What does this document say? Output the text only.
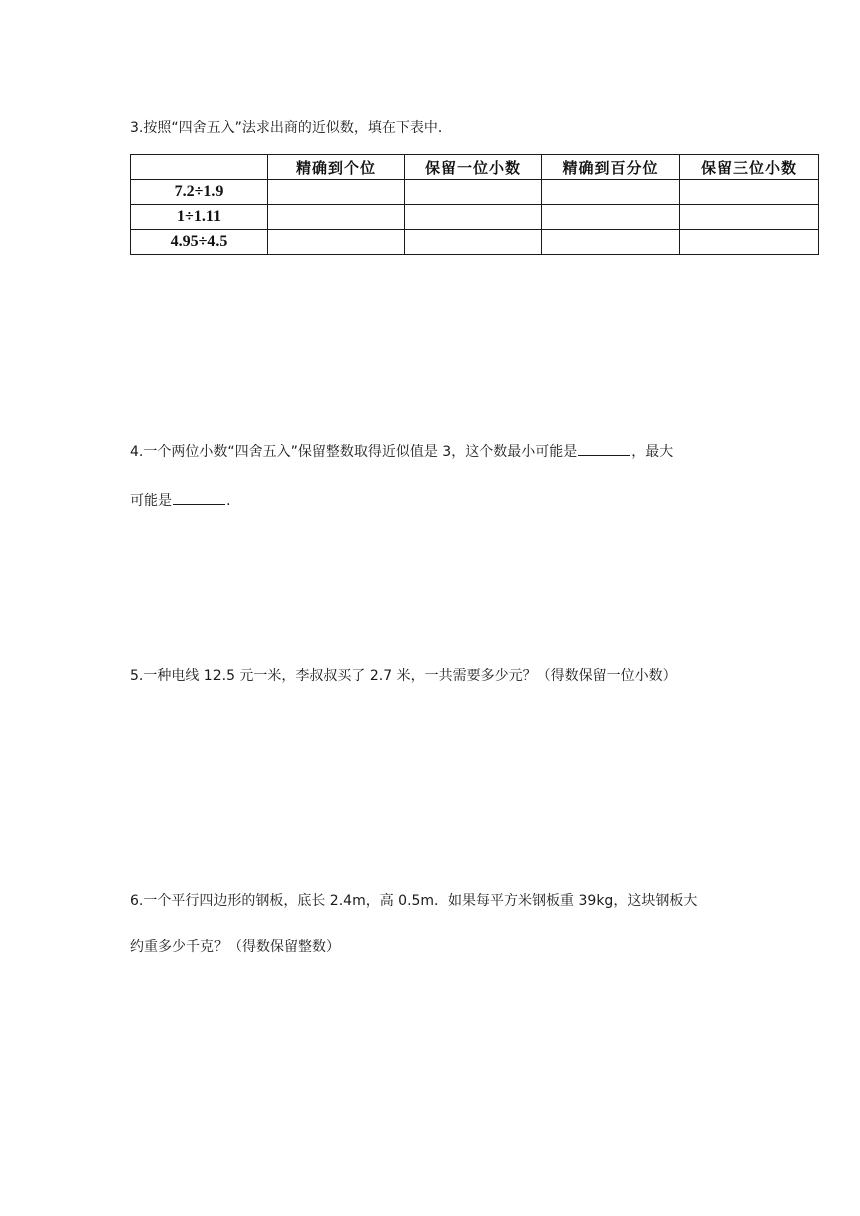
3.按照“四舍五入”法求出商的近似数，填在下表中．

	精确到个位	保留一位小数	精确到百分位	保留三位小数
7.2÷1.9				
1÷1.11				
4.95÷4.5				

4.一个两位小数“四舍五入”保留整数取得近似值是 3，这个数最小可能是	，最大

可能是	.

5.一种电线 12.5 元一米，李叔叔买了 2.7 米，一共需要多少元？（得数保留一位小数）

6.一个平行四边形的钢板，底长 2.4m，高 0.5m．如果每平方米钢板重 39kg，这块钢板大

约重多少千克？（得数保留整数）
